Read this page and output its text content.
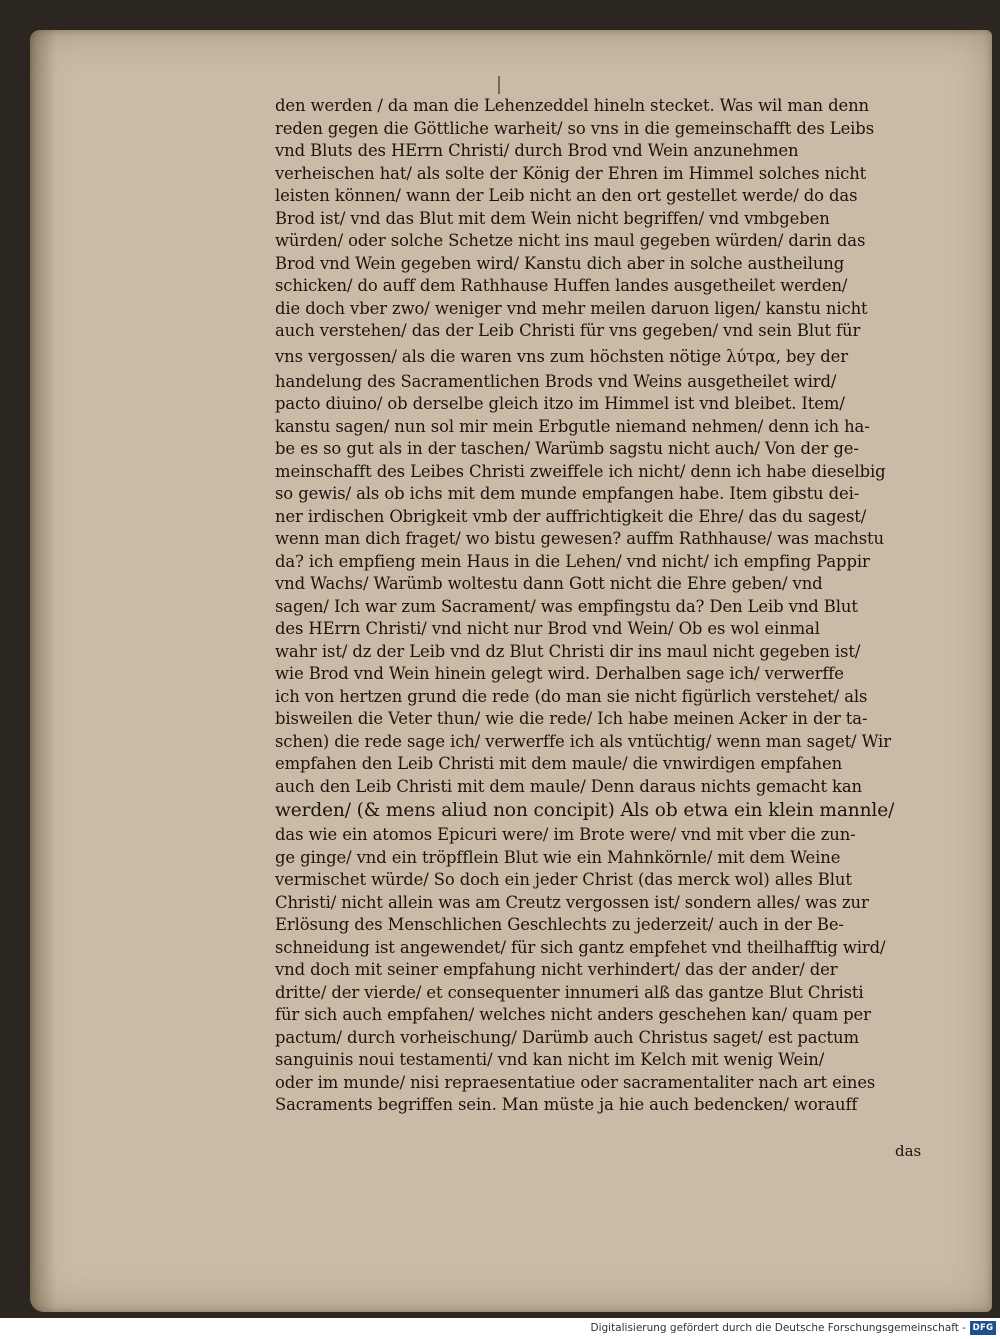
den werden / da man die Lehenzeddel hineln stecket. Was wil man denn
reden gegen die Göttliche warheit/ so vns in die gemeinschafft des Leibs
vnd Bluts des HErrn Christi/ durch Brod vnd Wein anzunehmen
verheischen hat/ als solte der König der Ehren im Himmel solches nicht
leisten können/ wann der Leib nicht an den ort gestellet werde/ do das
Brod ist/ vnd das Blut mit dem Wein nicht begriffen/ vnd vmbgeben
würden/ oder solche Schetze nicht ins maul gegeben würden/ darin das
Brod vnd Wein gegeben wird/ Kanstu dich aber in solche austheilung
schicken/ do auff dem Rathhause Huffen landes ausgetheilet werden/
die doch vber zwo/ weniger vnd mehr meilen daruon ligen/ kanstu nicht
auch verstehen/ das der Leib Christi für vns gegeben/ vnd sein Blut für
vns vergossen/ als die waren vns zum höchsten nötige λύτρα, bey der
handelung des Sacramentlichen Brods vnd Weins ausgetheilet wird/
pacto diuino/ ob derselbe gleich itzo im Himmel ist vnd bleibet. Item/
kanstu sagen/ nun sol mir mein Erbgutle niemand nehmen/ denn ich ha-
be es so gut als in der taschen/ Warümb sagstu nicht auch/ Von der ge-
meinschafft des Leibes Christi zweiffele ich nicht/ denn ich habe dieselbig
so gewis/ als ob ichs mit dem munde empfangen habe. Item gibstu dei-
ner irdischen Obrigkeit vmb der auffrichtigkeit die Ehre/ das du sagest/
wenn man dich fraget/ wo bistu gewesen? auffm Rathhause/ was machstu
da? ich empfieng mein Haus in die Lehen/ vnd nicht/ ich empfing Pappir
vnd Wachs/ Warümb woltestu dann Gott nicht die Ehre geben/ vnd
sagen/ Ich war zum Sacrament/ was empfingstu da? Den Leib vnd Blut
des HErrn Christi/ vnd nicht nur Brod vnd Wein/ Ob es wol einmal
wahr ist/ dz der Leib vnd dz Blut Christi dir ins maul nicht gegeben ist/
wie Brod vnd Wein hinein gelegt wird. Derhalben sage ich/ verwerffe
ich von hertzen grund die rede (do man sie nicht figürlich verstehet/ als
bisweilen die Veter thun/ wie die rede/ Ich habe meinen Acker in der ta-
schen) die rede sage ich/ verwerffe ich als vntüchtig/ wenn man saget/ Wir
empfahen den Leib Christi mit dem maule/ die vnwirdigen empfahen
auch den Leib Christi mit dem maule/ Denn daraus nichts gemacht kan
werden/ (& mens aliud non concipit) Als ob etwa ein klein mannle/
das wie ein atomos Epicuri were/ im Brote were/ vnd mit vber die zun-
ge ginge/ vnd ein tröpfflein Blut wie ein Mahnkörnle/ mit dem Weine
vermischet würde/ So doch ein jeder Christ (das merck wol) alles Blut
Christi/ nicht allein was am Creutz vergossen ist/ sondern alles/ was zur
Erlösung des Menschlichen Geschlechts zu jederzeit/ auch in der Be-
schneidung ist angewendet/ für sich gantz empfehet vnd theilhafftig wird/
vnd doch mit seiner empfahung nicht verhindert/ das der ander/ der
dritte/ der vierde/ et consequenter innumeri alß das gantze Blut Christi
für sich auch empfahen/ welches nicht anders geschehen kan/ quam per
pactum/ durch vorheischung/ Darümb auch Christus saget/ est pactum
sanguinis noui testamenti/ vnd kan nicht im Kelch mit wenig Wein/
oder im munde/ nisi repraesentatiue oder sacramentaliter nach art eines
Sacraments begriffen sein. Man müste ja hie auch bedencken/ worauff
das
Digitalisierung gefördert durch die Deutsche Forschungsgemeinschaft - DFG
